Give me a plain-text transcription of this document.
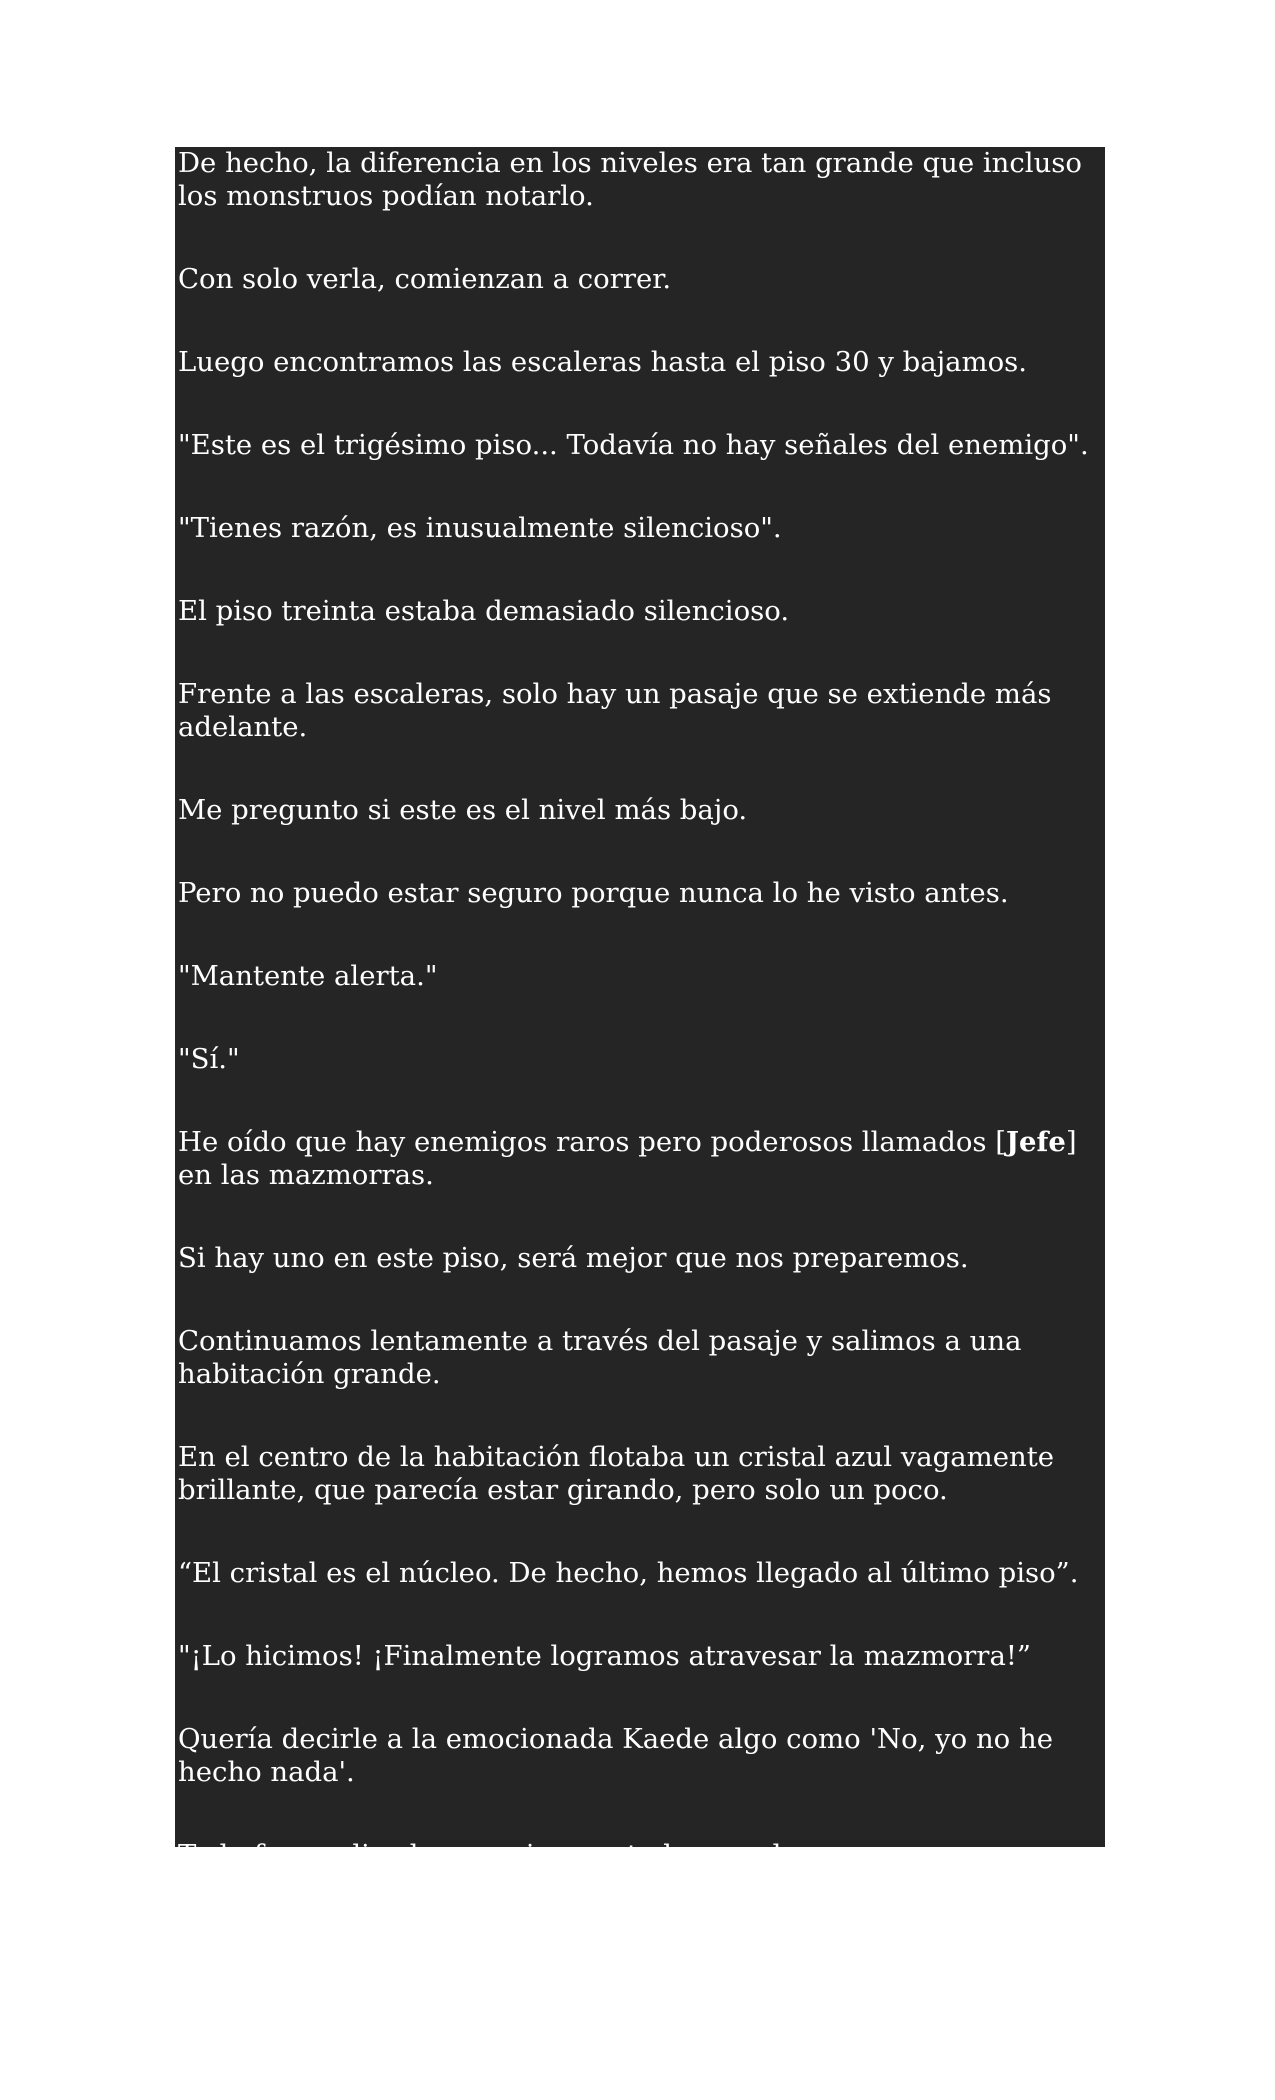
De hecho, la diferencia en los niveles era tan grande que incluso los monstruos podían notarlo.

Con solo verla, comienzan a correr.

Luego encontramos las escaleras hasta el piso 30 y bajamos.

"Este es el trigésimo piso... Todavía no hay señales del enemigo".

"Tienes razón, es inusualmente silencioso".

El piso treinta estaba demasiado silencioso.

Frente a las escaleras, solo hay un pasaje que se extiende más adelante.

Me pregunto si este es el nivel más bajo.

Pero no puedo estar seguro porque nunca lo he visto antes.

"Mantente alerta."

"Sí."

He oído que hay enemigos raros pero poderosos llamados [Jefe] en las mazmorras.

Si hay uno en este piso, será mejor que nos preparemos.

Continuamos lentamente a través del pasaje y salimos a una habitación grande.

En el centro de la habitación flotaba un cristal azul vagamente brillante, que parecía estar girando, pero solo un poco.

“El cristal es el núcleo. De hecho, hemos llegado al último piso”.

"¡Lo hicimos! ¡Finalmente logramos atravesar la mazmorra!”

Quería decirle a la emocionada Kaede algo como 'No, yo no he hecho nada'.

Todo fue realizado por mi encantadora esclava.
